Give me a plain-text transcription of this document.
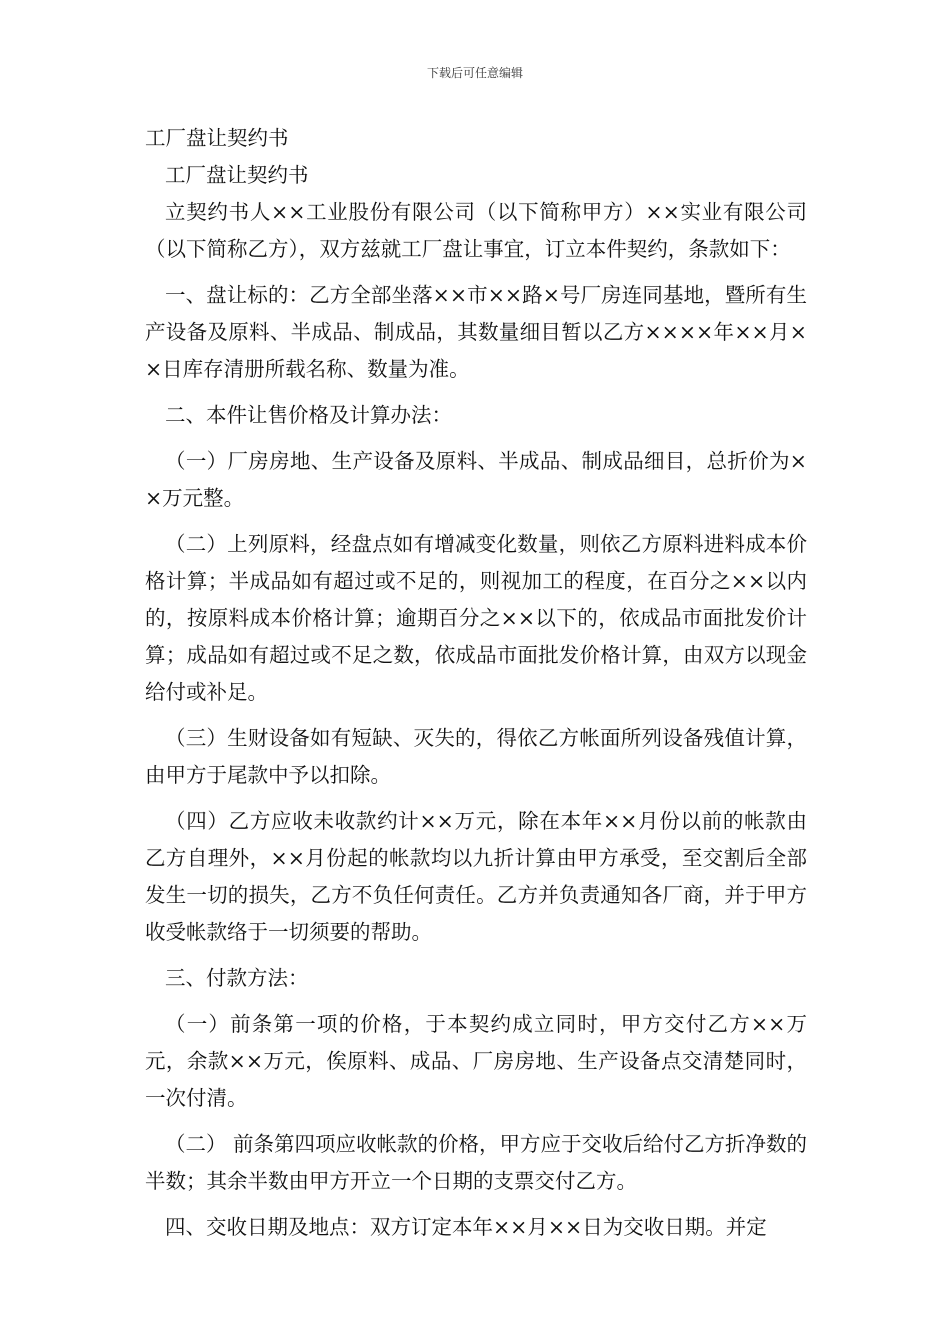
下载后可任意编辑
工厂盘让契约书
工厂盘让契约书

立契约书人××工业股份有限公司（以下简称甲方）××实业有限公司（以下简称乙方），双方兹就工厂盘让事宜，订立本件契约，条款如下：

一、盘让标的：乙方全部坐落××市××路×号厂房连同基地，暨所有生产设备及原料、半成品、制成品，其数量细目暂以乙方××××年××月××日库存清册所载名称、数量为准。

二、本件让售价格及计算办法：

（一）厂房房地、生产设备及原料、半成品、制成品细目，总折价为××万元整。

（二）上列原料，经盘点如有增减变化数量，则依乙方原料进料成本价格计算；半成品如有超过或不足的，则视加工的程度，在百分之××以内的，按原料成本价格计算；逾期百分之××以下的，依成品市面批发价计算；成品如有超过或不足之数，依成品市面批发价格计算，由双方以现金给付或补足。

（三）生财设备如有短缺、灭失的，得依乙方帐面所列设备残值计算，由甲方于尾款中予以扣除。

（四）乙方应收未收款约计××万元，除在本年××月份以前的帐款由乙方自理外，××月份起的帐款均以九折计算由甲方承受，至交割后全部发生一切的损失，乙方不负任何责任。乙方并负责通知各厂商，并于甲方收受帐款络于一切须要的帮助。

三、付款方法：

（一）前条第一项的价格，于本契约成立同时，甲方交付乙方××万元，余款××万元，俟原料、成品、厂房房地、生产设备点交清楚同时，一次付清。

（二） 前条第四项应收帐款的价格，甲方应于交收后给付乙方折净数的半数；其余半数由甲方开立一个日期的支票交付乙方。

四、交收日期及地点：双方订定本年××月××日为交收日期。并定
